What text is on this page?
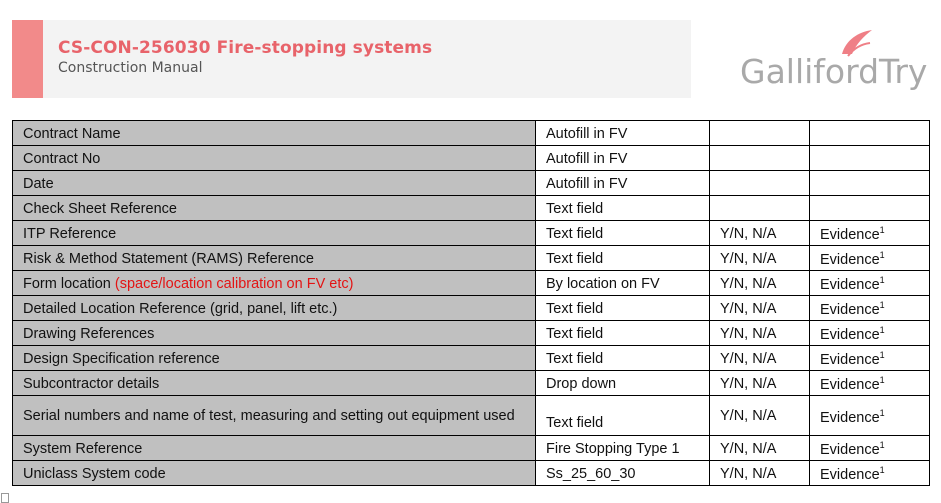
CS-CON-256030 Fire-stopping systems
Construction Manual	GallifordTry
Contract Name	Autofill in FV		
Contract No	Autofill in FV		
Date	Autofill in FV		
Check Sheet Reference	Text field		
ITP Reference	Text field	Y/N, N/A	Evidence$^1$
Risk & Method Statement (RAMS) Reference	Text field	Y/N, N/A	Evidence$^1$
Form location (space/location calibration on FV etc)	By location on FV	Y/N, N/A	Evidence$^1$
Detailed Location Reference (grid, panel, lift etc.)	Text field	Y/N, N/A	Evidence$^1$
Drawing References	Text field	Y/N, N/A	Evidence$^1$
Design Specification reference	Text field	Y/N, N/A	Evidence$^1$
Subcontractor details	Drop down	Y/N, N/A	Evidence$^1$
Serial numbers and name of test, measuring and setting out equipment used	Text field	Y/N, N/A	Evidence$^1$
System Reference	Fire Stopping Type 1	Y/N, N/A	Evidence$^1$
Uniclass System code	Ss_25_60_30	Y/N, N/A	Evidence$^1$
